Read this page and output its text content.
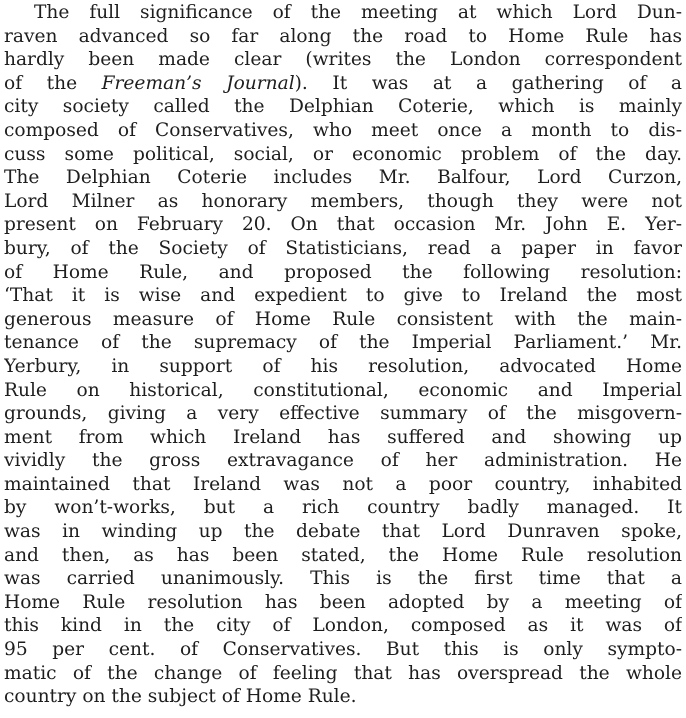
The full significance of the meeting at which Lord Dun-
raven advanced so far along the road to Home Rule has
hardly been made clear (writes the London correspondent
of the Freeman’s Journal). It was at a gathering of a
city society called the Delphian Coterie, which is mainly
composed of Conservatives, who meet once a month to dis-
cuss some political, social, or economic problem of the day.
The Delphian Coterie includes Mr. Balfour, Lord Curzon,
Lord Milner as honorary members, though they were not
present on February 20. On that occasion Mr. John E. Yer-
bury, of the Society of Statisticians, read a paper in favor
of Home Rule, and proposed the following resolution:
‘That it is wise and expedient to give to Ireland the most
generous measure of Home Rule consistent with the main-
tenance of the supremacy of the Imperial Parliament.’ Mr.
Yerbury, in support of his resolution, advocated Home
Rule on historical, constitutional, economic and Imperial
grounds, giving a very effective summary of the misgovern-
ment from which Ireland has suffered and showing up
vividly the gross extravagance of her administration. He
maintained that Ireland was not a poor country, inhabited
by won’t-works, but a rich country badly managed. It
was in winding up the debate that Lord Dunraven spoke,
and then, as has been stated, the Home Rule resolution
was carried unanimously. This is the first time that a
Home Rule resolution has been adopted by a meeting of
this kind in the city of London, composed as it was of
95 per cent. of Conservatives. But this is only sympto-
matic of the change of feeling that has overspread the whole
country on the subject of Home Rule.
